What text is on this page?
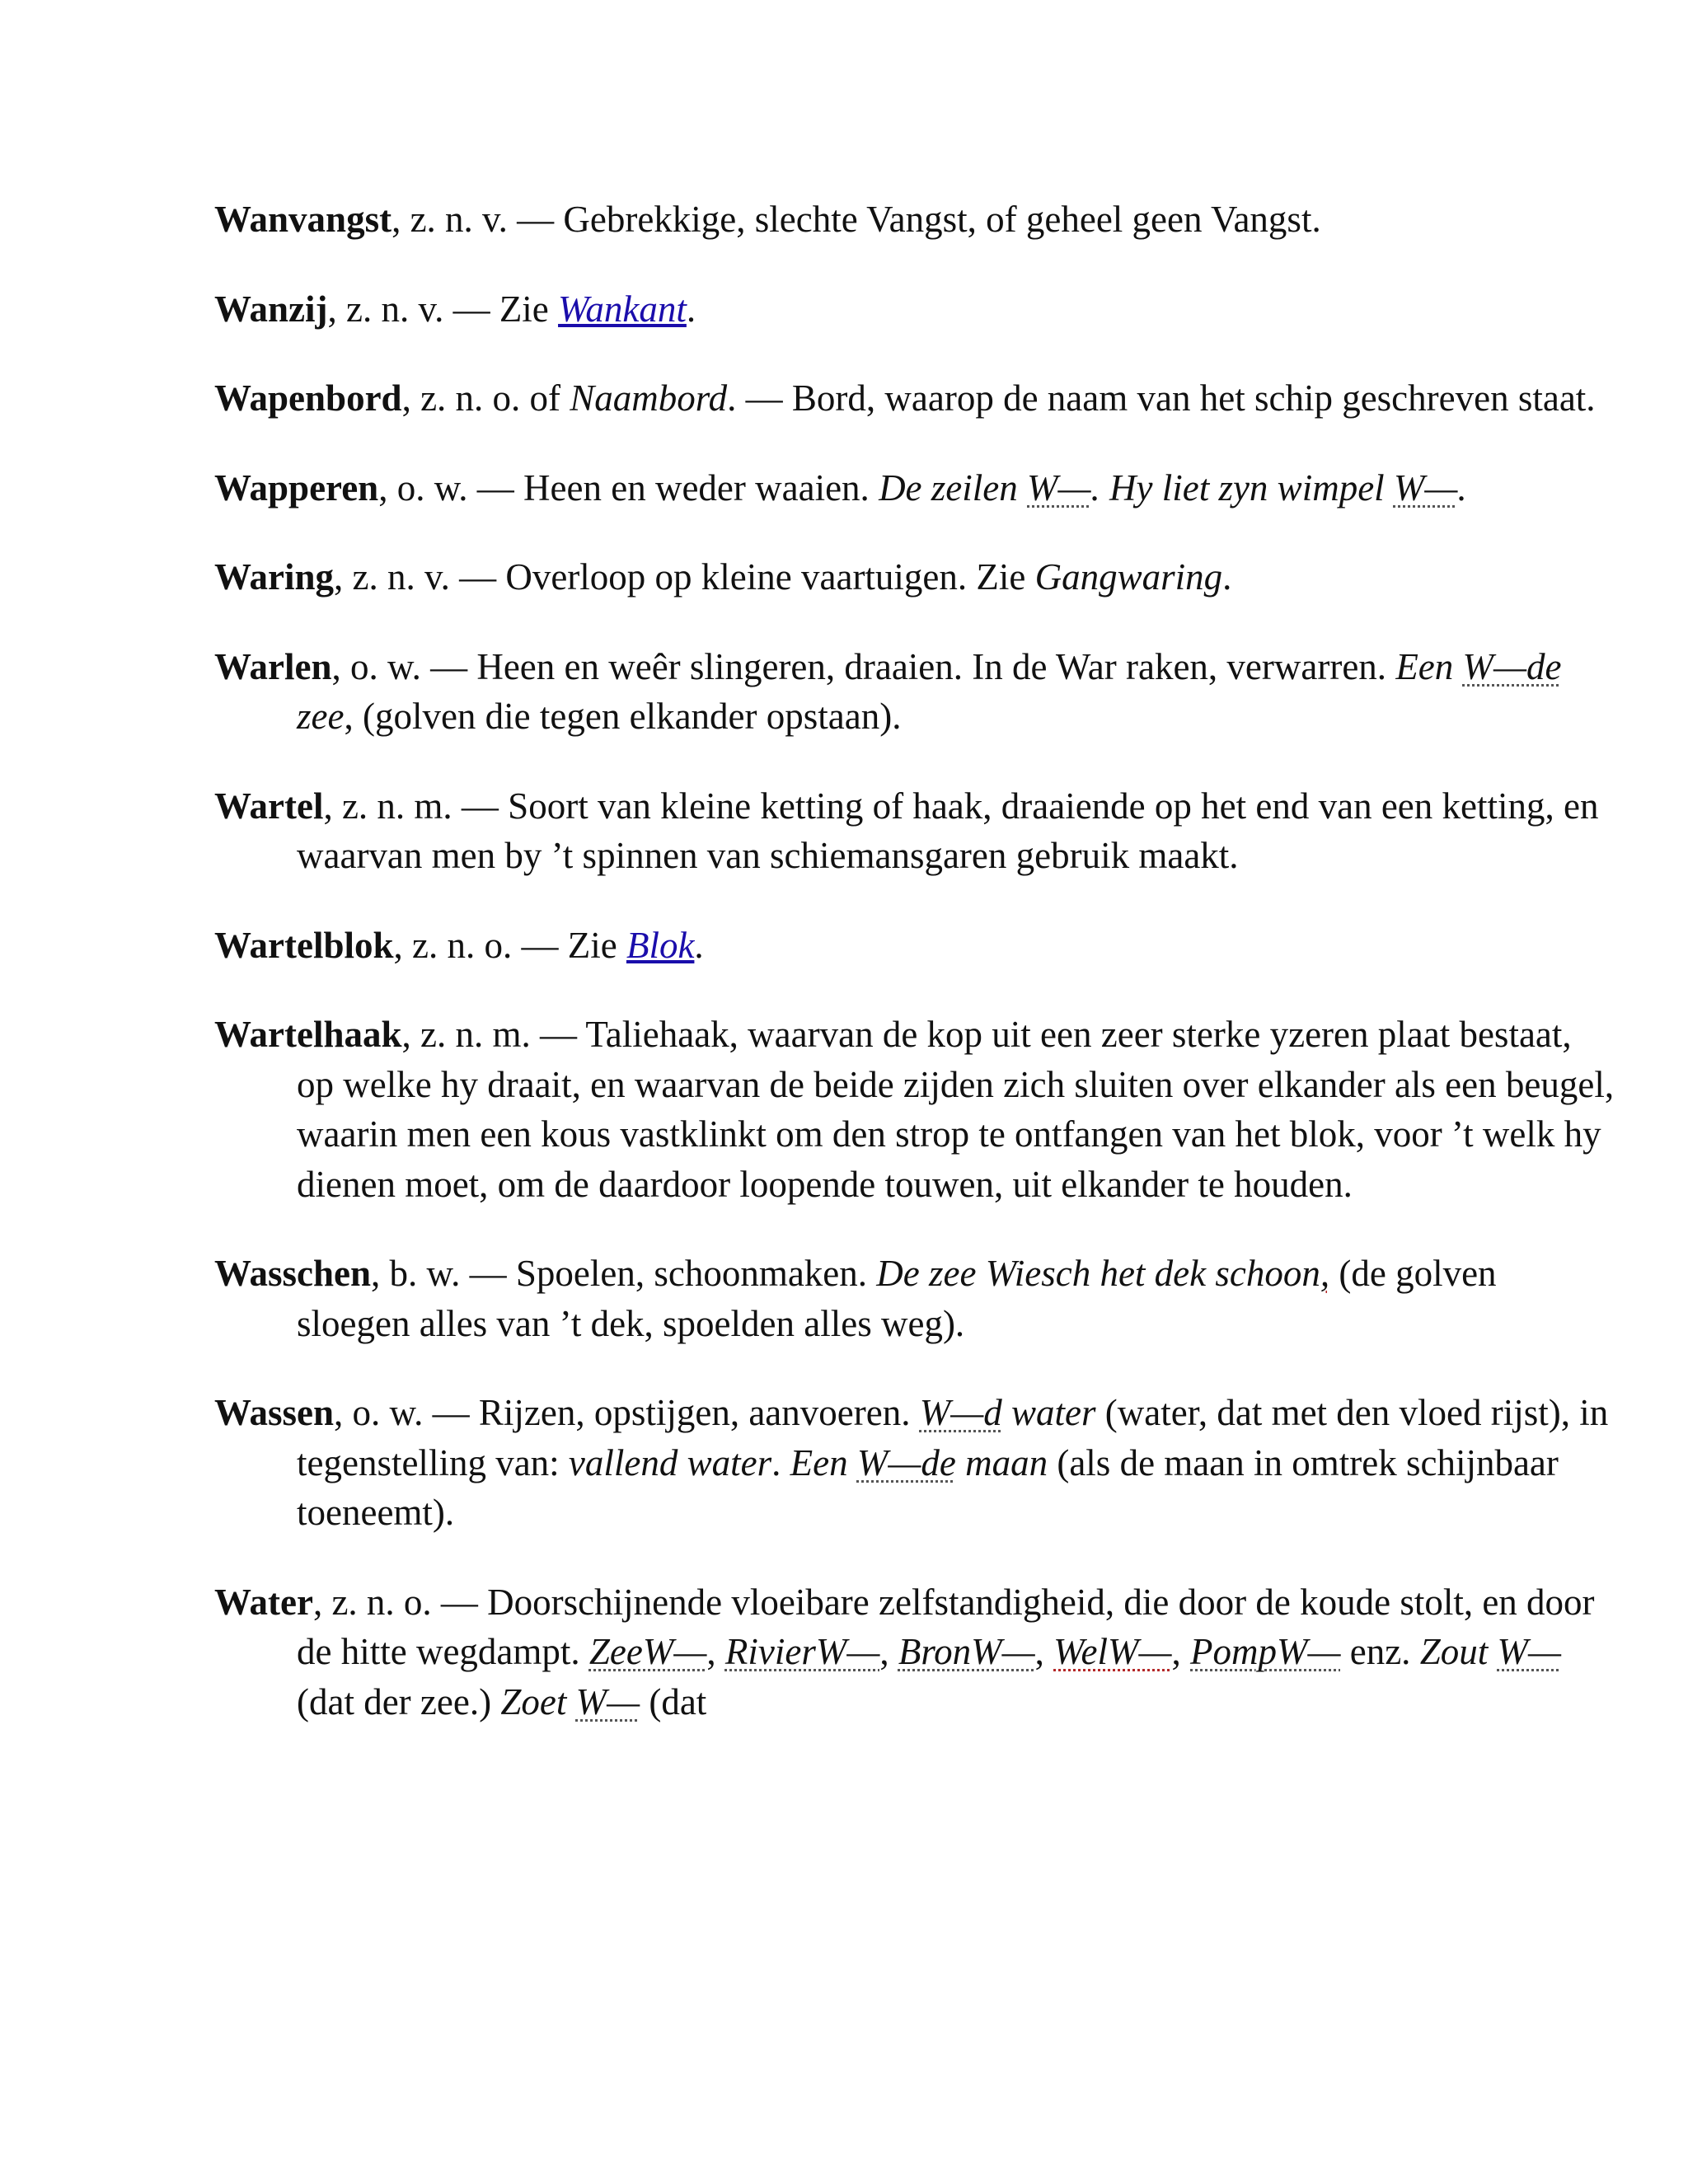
Wanvangst, z. n. v. — Gebrekkige, slechte Vangst, of geheel geen Vangst.

Wanzij, z. n. v. — Zie Wankant.

Wapenbord, z. n. o. of Naambord. — Bord, waarop de naam van het schip geschreven staat.

Wapperen, o. w. — Heen en weder waaien. De zeilen W—. Hy liet zyn wimpel W—.

Waring, z. n. v. — Overloop op kleine vaartuigen. Zie Gangwaring.

Warlen, o. w. — Heen en weêr slingeren, draaien. In de War raken, verwarren. Een W—de zee, (golven die tegen elkander opstaan).

Wartel, z. n. m. — Soort van kleine ketting of haak, draaiende op het end van een ketting, en waarvan men by ’t spinnen van schiemansgaren gebruik maakt.

Wartelblok, z. n. o. — Zie Blok.

Wartelhaak, z. n. m. — Taliehaak, waarvan de kop uit een zeer sterke yzeren plaat bestaat, op welke hy draait, en waarvan de beide zijden zich sluiten over elkander als een beugel, waarin men een kous vastklinkt om den strop te ontfangen van het blok, voor ’t welk hy dienen moet, om de daardoor loopende touwen, uit elkander te houden.

Wasschen, b. w. — Spoelen, schoonmaken. De zee Wiesch het dek schoon, (de golven sloegen alles van ’t dek, spoelden alles weg).

Wassen, o. w. — Rijzen, opstijgen, aanvoeren. W—d water (water, dat met den vloed rijst), in tegenstelling van: vallend water. Een W—de maan (als de maan in omtrek schijnbaar toeneemt).

Water, z. n. o. — Doorschijnende vloeibare zelfstandigheid, die door de koude stolt, en door de hitte wegdampt. ZeeW—, RivierW—, BronW—, WelW—, PompW— enz. Zout W— (dat der zee.) Zoet W— (dat
